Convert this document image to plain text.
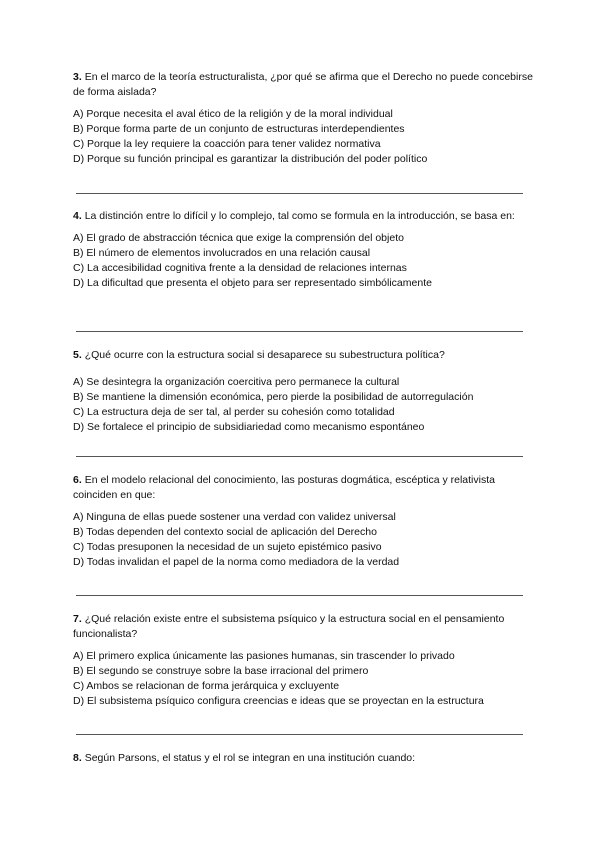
3. En el marco de la teoría estructuralista, ¿por qué se afirma que el Derecho no puede concebirse de forma aislada?

A) Porque necesita el aval ético de la religión y de la moral individual

B) Porque forma parte de un conjunto de estructuras interdependientes

C) Porque la ley requiere la coacción para tener validez normativa

D) Porque su función principal es garantizar la distribución del poder político

4. La distinción entre lo difícil y lo complejo, tal como se formula en la introducción, se basa en:

A) El grado de abstracción técnica que exige la comprensión del objeto

B) El número de elementos involucrados en una relación causal

C) La accesibilidad cognitiva frente a la densidad de relaciones internas

D) La dificultad que presenta el objeto para ser representado simbólicamente

5. ¿Qué ocurre con la estructura social si desaparece su subestructura política?

A) Se desintegra la organización coercitiva pero permanece la cultural

B) Se mantiene la dimensión económica, pero pierde la posibilidad de autorregulación

C) La estructura deja de ser tal, al perder su cohesión como totalidad

D) Se fortalece el principio de subsidiariedad como mecanismo espontáneo

6. En el modelo relacional del conocimiento, las posturas dogmática, escéptica y relativista coinciden en que:

A) Ninguna de ellas puede sostener una verdad con validez universal

B) Todas dependen del contexto social de aplicación del Derecho

C) Todas presuponen la necesidad de un sujeto epistémico pasivo

D) Todas invalidan el papel de la norma como mediadora de la verdad

7. ¿Qué relación existe entre el subsistema psíquico y la estructura social en el pensamiento funcionalista?

A) El primero explica únicamente las pasiones humanas, sin trascender lo privado

B) El segundo se construye sobre la base irracional del primero

C) Ambos se relacionan de forma jerárquica y excluyente

D) El subsistema psíquico configura creencias e ideas que se proyectan en la estructura

8. Según Parsons, el status y el rol se integran en una institución cuando:
